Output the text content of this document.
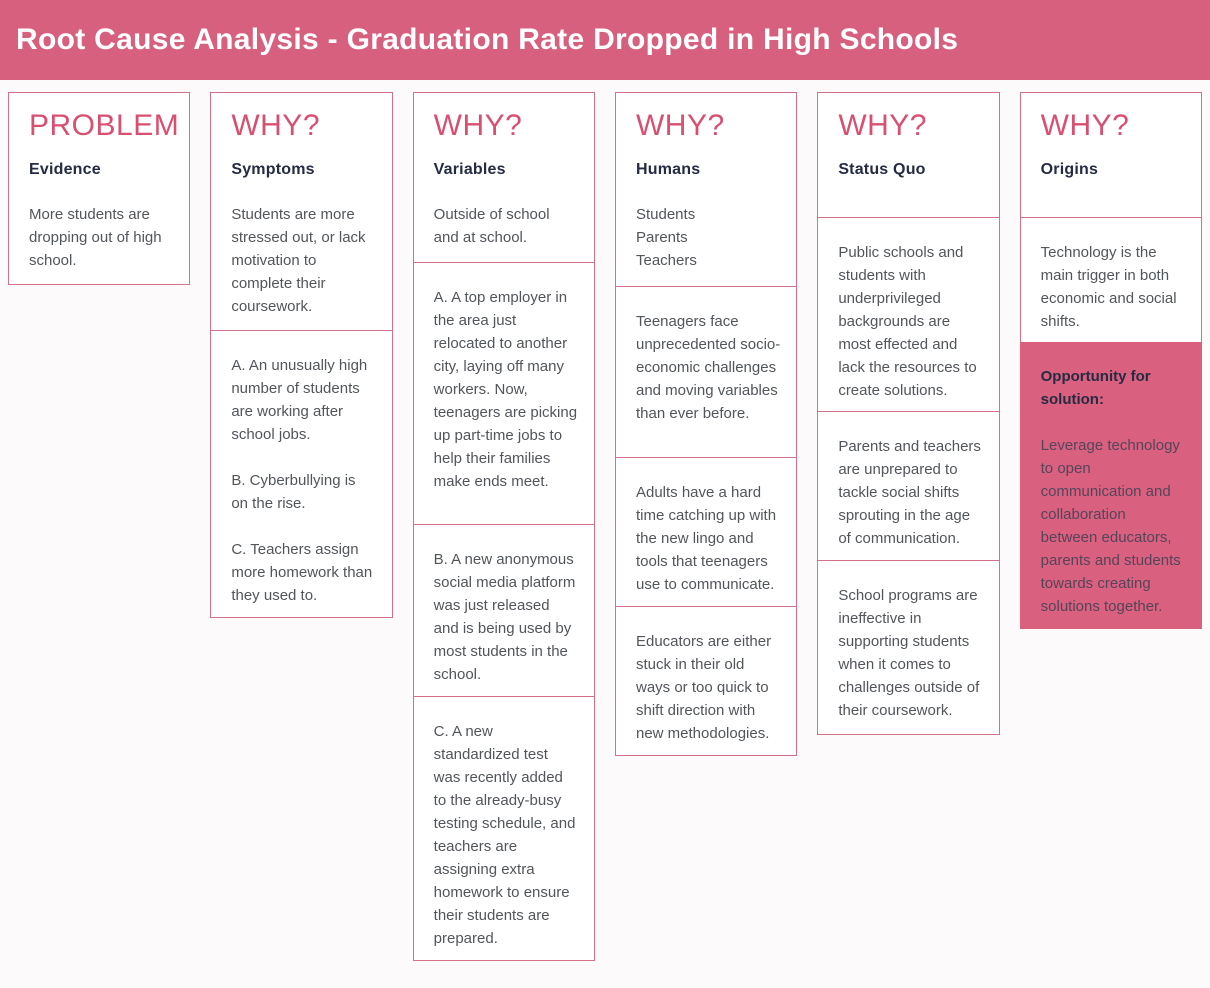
Root Cause Analysis - Graduation Rate Dropped in High Schools
PROBLEM
Evidence

More students are dropping out of high school.

WHY?
Symptoms

Students are more stressed out, or lack motivation to complete their coursework.

A. An unusually high number of students are working after school jobs.

B. Cyberbullying is on the rise.

C. Teachers assign more homework than they used to.

WHY?
Variables

Outside of school and at school.

A. A top employer in the area just relocated to another city, laying off many workers. Now, teenagers are picking up part-time jobs to help their families make ends meet.

B. A new anonymous social media platform was just released and is being used by most students in the school.

C. A new standardized test was recently added to the already-busy testing schedule, and teachers are assigning extra homework to ensure their students are prepared.

WHY?
Humans

Students

Parents

Teachers

Teenagers face unprecedented socio-economic challenges and moving variables than ever before.

Adults have a hard time catching up with the new lingo and tools that teenagers use to communicate.

Educators are either stuck in their old ways or too quick to shift direction with new methodologies.

WHY?
Status Quo

Public schools and students with underprivileged backgrounds are most effected and lack the resources to create solutions.

Parents and teachers are unprepared to tackle social shifts sprouting in the age of communication.

School programs are ineffective in supporting students when it comes to challenges outside of their coursework.

WHY?
Origins

Technology is the main trigger in both economic and social shifts.

Opportunity for solution:

Leverage technology to open communication and collaboration between educators, parents and students towards creating solutions together.
